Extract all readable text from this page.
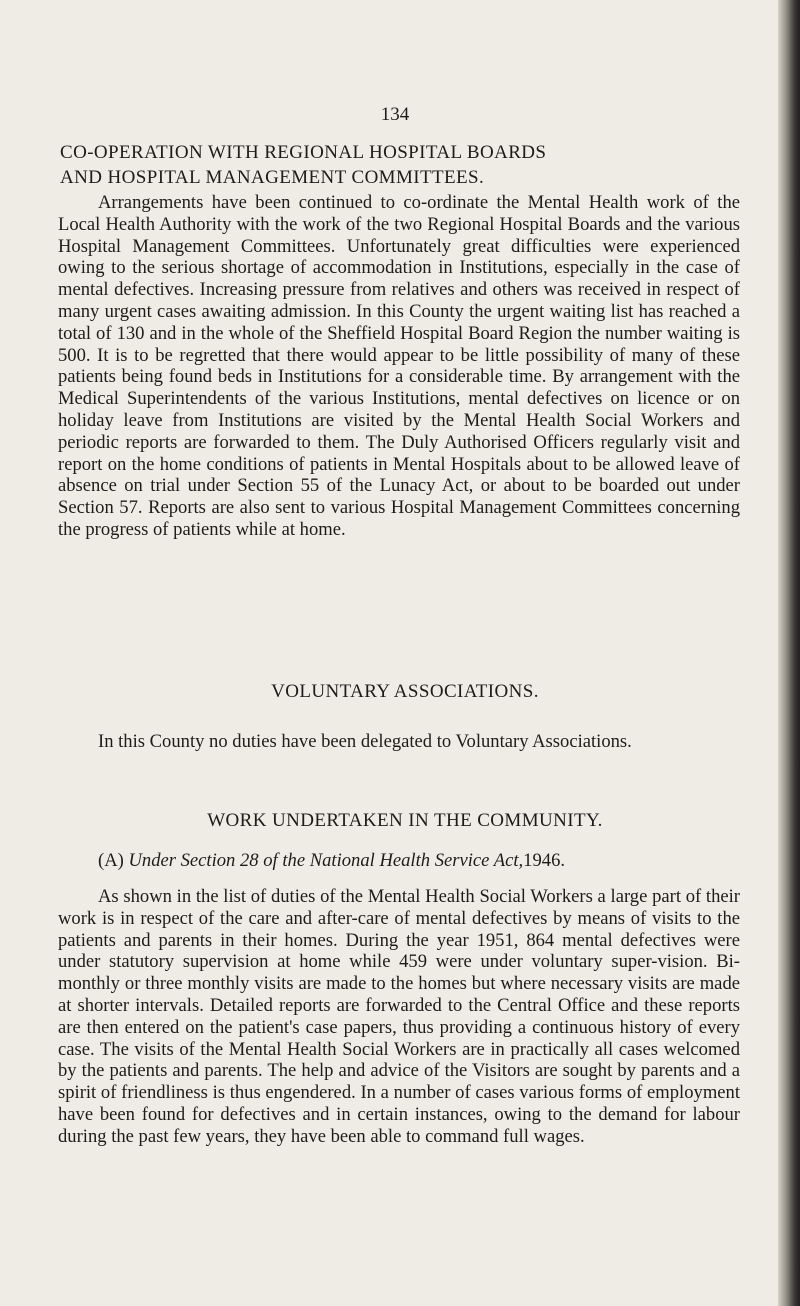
134
CO-OPERATION WITH REGIONAL HOSPITAL BOARDS
AND HOSPITAL MANAGEMENT COMMITTEES.

Arrangements have been continued to co-ordinate the Mental Health work of the Local Health Authority with the work of the two Regional Hospital Boards and the various Hospital Management Committees. Unfortunately great difficulties were experienced owing to the serious shortage of accommodation in Institutions, especially in the case of mental defectives. Increasing pressure from relatives and others was received in respect of many urgent cases awaiting admission. In this County the urgent waiting list has reached a total of 130 and in the whole of the Sheffield Hospital Board Region the number waiting is 500. It is to be regretted that there would appear to be little possibility of many of these patients being found beds in Institutions for a considerable time. By arrangement with the Medical Superintendents of the various Institutions, mental defectives on licence or on holiday leave from Institutions are visited by the Mental Health Social Workers and periodic reports are forwarded to them. The Duly Authorised Officers regularly visit and report on the home conditions of patients in Mental Hospitals about to be allowed leave of absence on trial under Section 55 of the Lunacy Act, or about to be boarded out under Section 57. Reports are also sent to various Hospital Management Committees concerning the progress of patients while at home.

VOLUNTARY ASSOCIATIONS.

In this County no duties have been delegated to Voluntary Associations.

WORK UNDERTAKEN IN THE COMMUNITY.

(A) Under Section 28 of the National Health Service Act,1946.

As shown in the list of duties of the Mental Health Social Workers a large part of their work is in respect of the care and after-care of mental defectives by means of visits to the patients and parents in their homes. During the year 1951, 864 mental defectives were under statutory supervision at home while 459 were under voluntary super-vision. Bi-monthly or three monthly visits are made to the homes but where necessary visits are made at shorter intervals. Detailed reports are forwarded to the Central Office and these reports are then entered on the patient's case papers, thus providing a continuous history of every case. The visits of the Mental Health Social Workers are in practically all cases welcomed by the patients and parents. The help and advice of the Visitors are sought by parents and a spirit of friendliness is thus engendered. In a number of cases various forms of employment have been found for defectives and in certain instances, owing to the demand for labour during the past few years, they have been able to command full wages.
